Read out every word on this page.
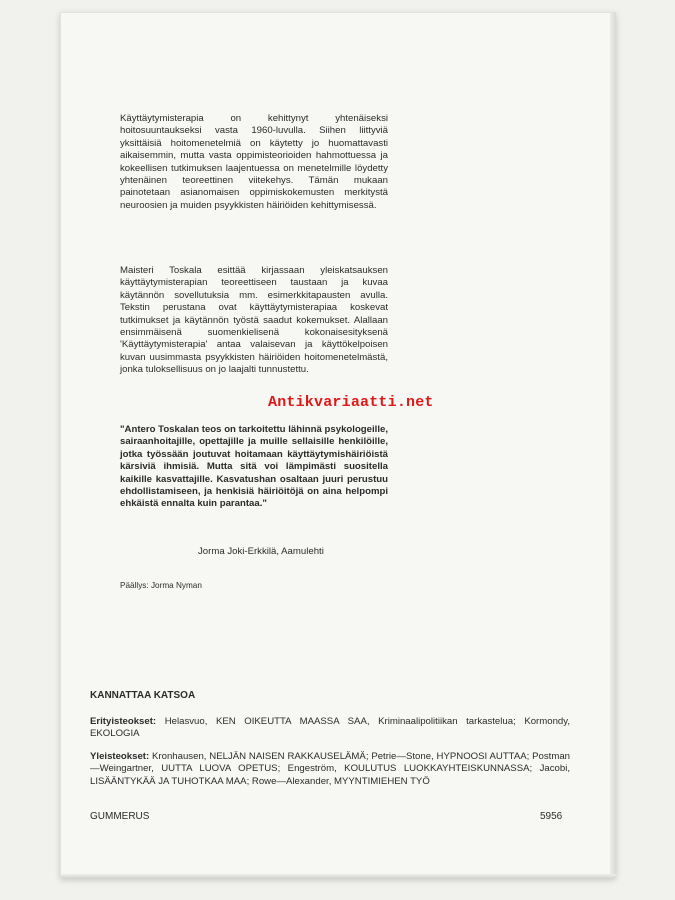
Käyttäytymisterapia on kehittynyt yhtenäiseksi hoitosuuntaukseksi vasta 1960-luvulla. Siihen liittyviä yksittäisiä hoitomenetelmiä on käytetty jo huomattavasti aikaisemmin, mutta vasta oppimisteorioiden hahmottuessa ja kokeellisen tutkimuksen laajentuessa on menetelmille löydetty yhtenäinen teoreettinen viitekehys. Tämän mukaan painotetaan asianomaisen oppimiskokemusten merkitystä neuroosien ja muiden psyykkisten häiriöiden kehittymisessä.
Maisteri Toskala esittää kirjassaan yleiskatsauksen käyttäytymisterapian teoreettiseen taustaan ja kuvaa käytännön sovellutuksia mm. esimerkkitapausten avulla. Tekstin perustana ovat käyttäytymisterapiaa koskevat tutkimukset ja käytännön työstä saadut kokemukset. Alallaan ensimmäisenä suomenkielisenä kokonaisesityksenä 'Käyttäytymisterapia' antaa valaisevan ja käyttökelpoisen kuvan uusimmasta psyykkisten häiriöiden hoitomenetelmästä, jonka tuloksellisuus on jo laajalti tunnustettu.
"Antero Toskalan teos on tarkoitettu lähinnä psykologeille, sairaanhoitajille, opettajille ja muille sellaisille henkilöille, jotka työssään joutuvat hoitamaan käyttäytymishäiriöistä kärsiviä ihmisiä. Mutta sitä voi lämpimästi suositella kaikille kasvattajille. Kasvatushan osaltaan juuri perustuu ehdollistamiseen, ja henkisiä häiriöitöjä on aina helpompi ehkäistä ennalta kuin parantaa."
Jorma Joki-Erkkilä, Aamulehti
Päällys: Jorma Nyman
KANNATTAA KATSOA
Erityisteokset: Helasvuo, KEN OIKEUTTA MAASSA SAA, Kriminaalipolitiikan tarkastelua; Kormondy, EKOLOGIA
Yleisteokset: Kronhausen, NELJÄN NAISEN RAKKAUSELÄMÄ; Petrie—Stone, HYPNOOSI AUTTAA; Postman—Weingartner, UUTTA LUOVA OPETUS; Engeström, KOULUTUS LUOKKAYHTEISKUNNASSA; Jacobi, LISÄÄNTYKÄÄ JA TUHOTKAA MAA; Rowe—Alexander, MYYNTIMIEHEN TYÖ
GUMMERUS	5956
Antikvariaatti.net
